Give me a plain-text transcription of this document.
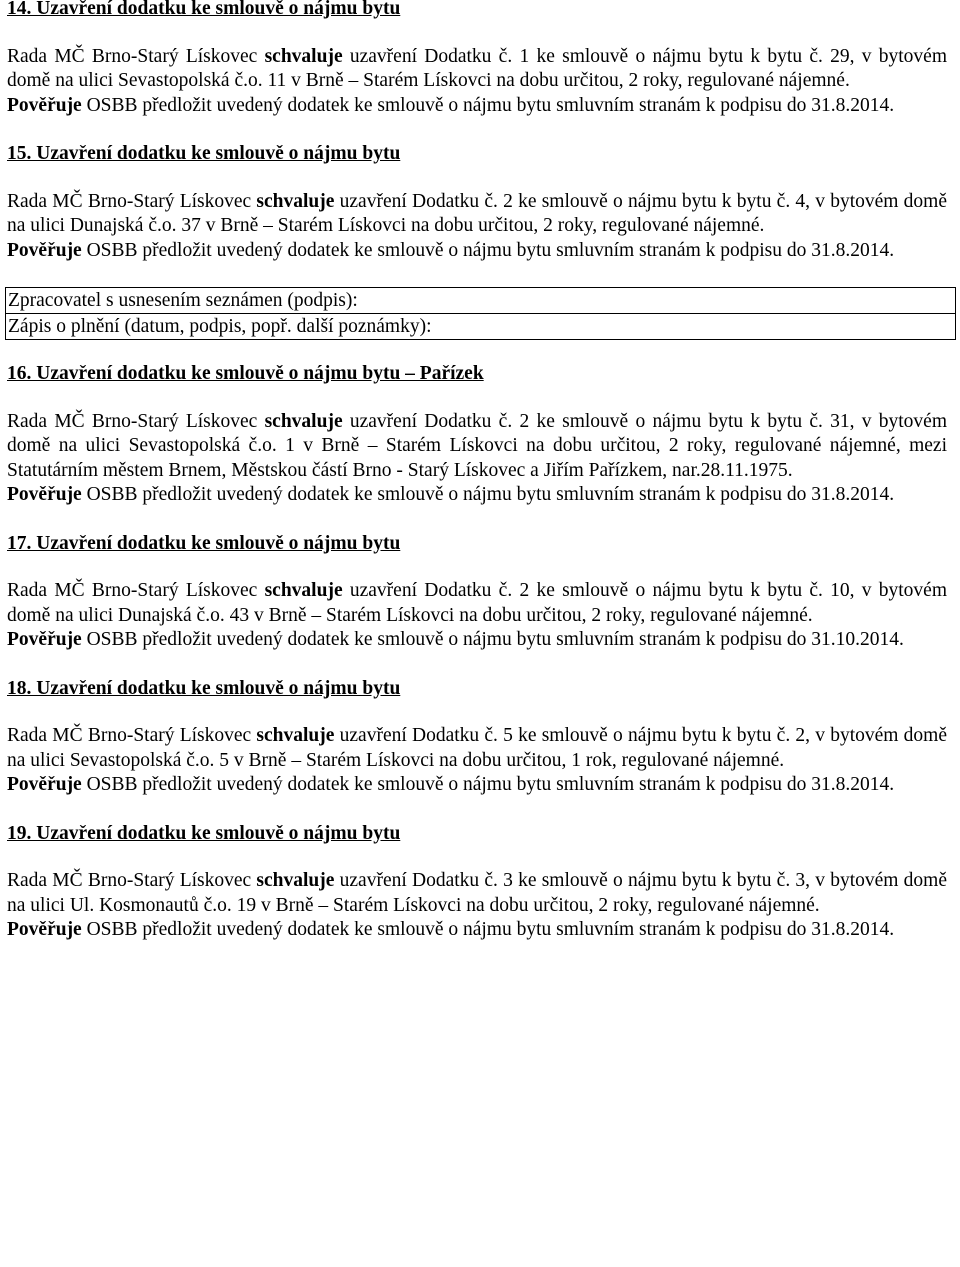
14. Uzavření dodatku ke smlouvě o nájmu bytu

Rada MČ Brno-Starý Lískovec schvaluje uzavření Dodatku č. 1 ke smlouvě o nájmu bytu k bytu č. 29, v bytovém domě na ulici Sevastopolská č.o. 11 v Brně – Starém Lískovci na dobu určitou, 2 roky, regulované nájemné.

Pověřuje OSBB předložit uvedený dodatek ke smlouvě o nájmu bytu smluvním stranám k podpisu do 31.8.2014.

15. Uzavření dodatku ke smlouvě o nájmu bytu

Rada MČ Brno-Starý Lískovec schvaluje uzavření Dodatku č. 2 ke smlouvě o nájmu bytu k bytu č. 4, v bytovém domě na ulici Dunajská č.o. 37 v Brně – Starém Lískovci na dobu určitou, 2 roky, regulované nájemné.

Pověřuje OSBB předložit uvedený dodatek ke smlouvě o nájmu bytu smluvním stranám k podpisu do 31.8.2014.

Zpracovatel s usnesením seznámen (podpis):
Zápis o plnění (datum, podpis, popř. další poznámky):

16. Uzavření dodatku ke smlouvě o nájmu bytu – Pařízek

Rada MČ Brno-Starý Lískovec schvaluje uzavření Dodatku č. 2 ke smlouvě o nájmu bytu k bytu č. 31, v bytovém domě na ulici Sevastopolská č.o. 1 v Brně – Starém Lískovci na dobu určitou, 2 roky, regulované nájemné, mezi Statutárním městem Brnem, Městskou částí Brno - Starý Lískovec a Jiřím Pařízkem, nar.28.11.1975.

Pověřuje OSBB předložit uvedený dodatek ke smlouvě o nájmu bytu smluvním stranám k podpisu do 31.8.2014.

17. Uzavření dodatku ke smlouvě o nájmu bytu

Rada MČ Brno-Starý Lískovec schvaluje uzavření Dodatku č. 2 ke smlouvě o nájmu bytu k bytu č. 10, v bytovém domě na ulici Dunajská č.o. 43 v Brně – Starém Lískovci na dobu určitou, 2 roky, regulované nájemné.

Pověřuje OSBB předložit uvedený dodatek ke smlouvě o nájmu bytu smluvním stranám k podpisu do 31.10.2014.

18. Uzavření dodatku ke smlouvě o nájmu bytu

Rada MČ Brno-Starý Lískovec schvaluje uzavření Dodatku č. 5 ke smlouvě o nájmu bytu k bytu č. 2, v bytovém domě na ulici Sevastopolská č.o. 5 v Brně – Starém Lískovci na dobu určitou, 1 rok, regulované nájemné.

Pověřuje OSBB předložit uvedený dodatek ke smlouvě o nájmu bytu smluvním stranám k podpisu do 31.8.2014.

19. Uzavření dodatku ke smlouvě o nájmu bytu

Rada MČ Brno-Starý Lískovec schvaluje uzavření Dodatku č. 3 ke smlouvě o nájmu bytu k bytu č. 3, v bytovém domě na ulici Ul. Kosmonautů č.o. 19 v Brně – Starém Lískovci na dobu určitou, 2 roky, regulované nájemné.

Pověřuje OSBB předložit uvedený dodatek ke smlouvě o nájmu bytu smluvním stranám k podpisu do 31.8.2014.
